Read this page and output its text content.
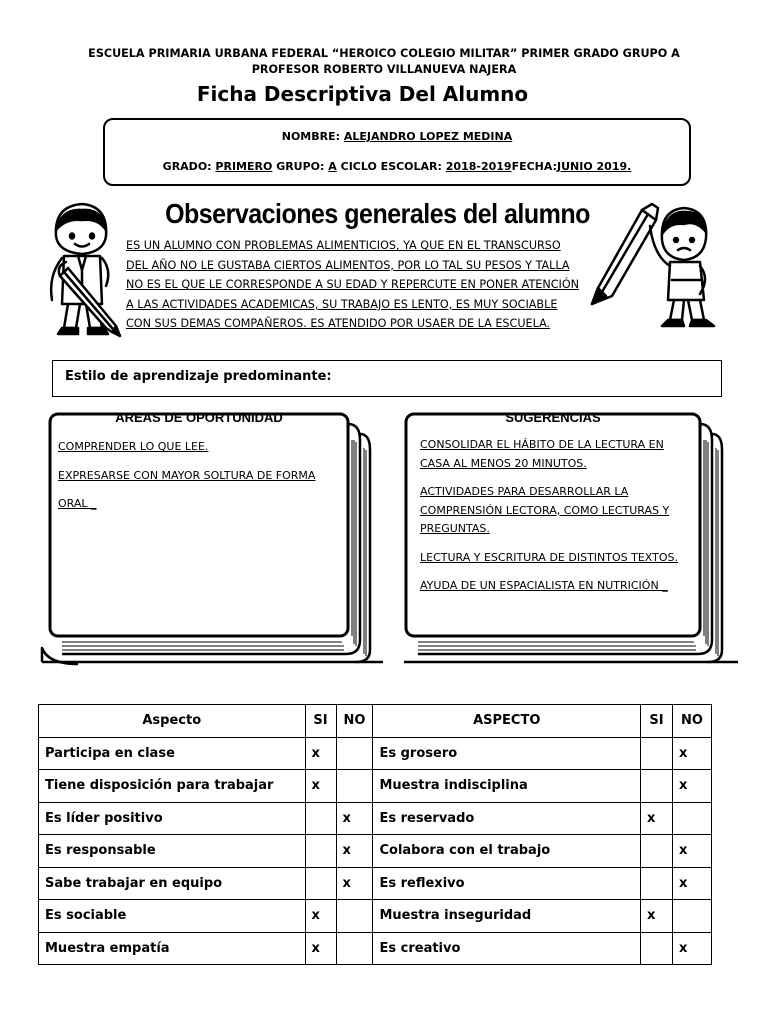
ESCUELA PRIMARIA URBANA FEDERAL “HEROICO COLEGIO MILITAR” PRIMER GRADO GRUPO A
PROFESOR ROBERTO VILLANUEVA NAJERA
Ficha Descriptiva Del Alumno
NOMBRE: ALEJANDRO LOPEZ MEDINA
GRADO: PRIMERO GRUPO: A CICLO ESCOLAR: 2018-2019FECHA:JUNIO 2019.
Observaciones generales del alumno
ES UN ALUMNO CON PROBLEMAS ALIMENTICIOS, YA QUE EN EL TRANSCURSO
DEL AÑO NO LE GUSTABA CIERTOS ALIMENTOS, POR LO TAL SU PESOS Y TALLA
NO ES EL QUE LE CORRESPONDE A SU EDAD Y REPERCUTE EN PONER ATENCIÓN
A LAS ACTIVIDADES ACADEMICAS, SU TRABAJO ES LENTO, ES MUY SOCIABLE
CON SUS DEMAS COMPAÑEROS. ES ATENDIDO POR USAER DE LA ESCUELA.
Estilo de aprendizaje predominante:
AREAS DE OPORTUNIDAD

COMPRENDER LO QUE LEE.

EXPRESARSE CON MAYOR SOLTURA DE FORMA

ORAL _

SUGERENCIAS

CONSOLIDAR EL HÁBITO DE LA LECTURA EN CASA AL MENOS 20 MINUTOS.

ACTIVIDADES PARA DESARROLLAR LA COMPRENSIÓN LECTORA, COMO LECTURAS Y PREGUNTAS.

LECTURA Y ESCRITURA DE DISTINTOS TEXTOS.

AYUDA DE UN ESPACIALISTA EN NUTRICIÓN _

Aspecto	SI	NO	ASPECTO	SI	NO
Participa en clase	x		Es grosero		x
Tiene disposición para trabajar	x		Muestra indisciplina		x
Es líder positivo		x	Es reservado	x	
Es responsable		x	Colabora con el trabajo		x
Sabe trabajar en equipo		x	Es reflexivo		x
Es sociable	x		Muestra inseguridad	x	
Muestra empatía	x		Es creativo		x
